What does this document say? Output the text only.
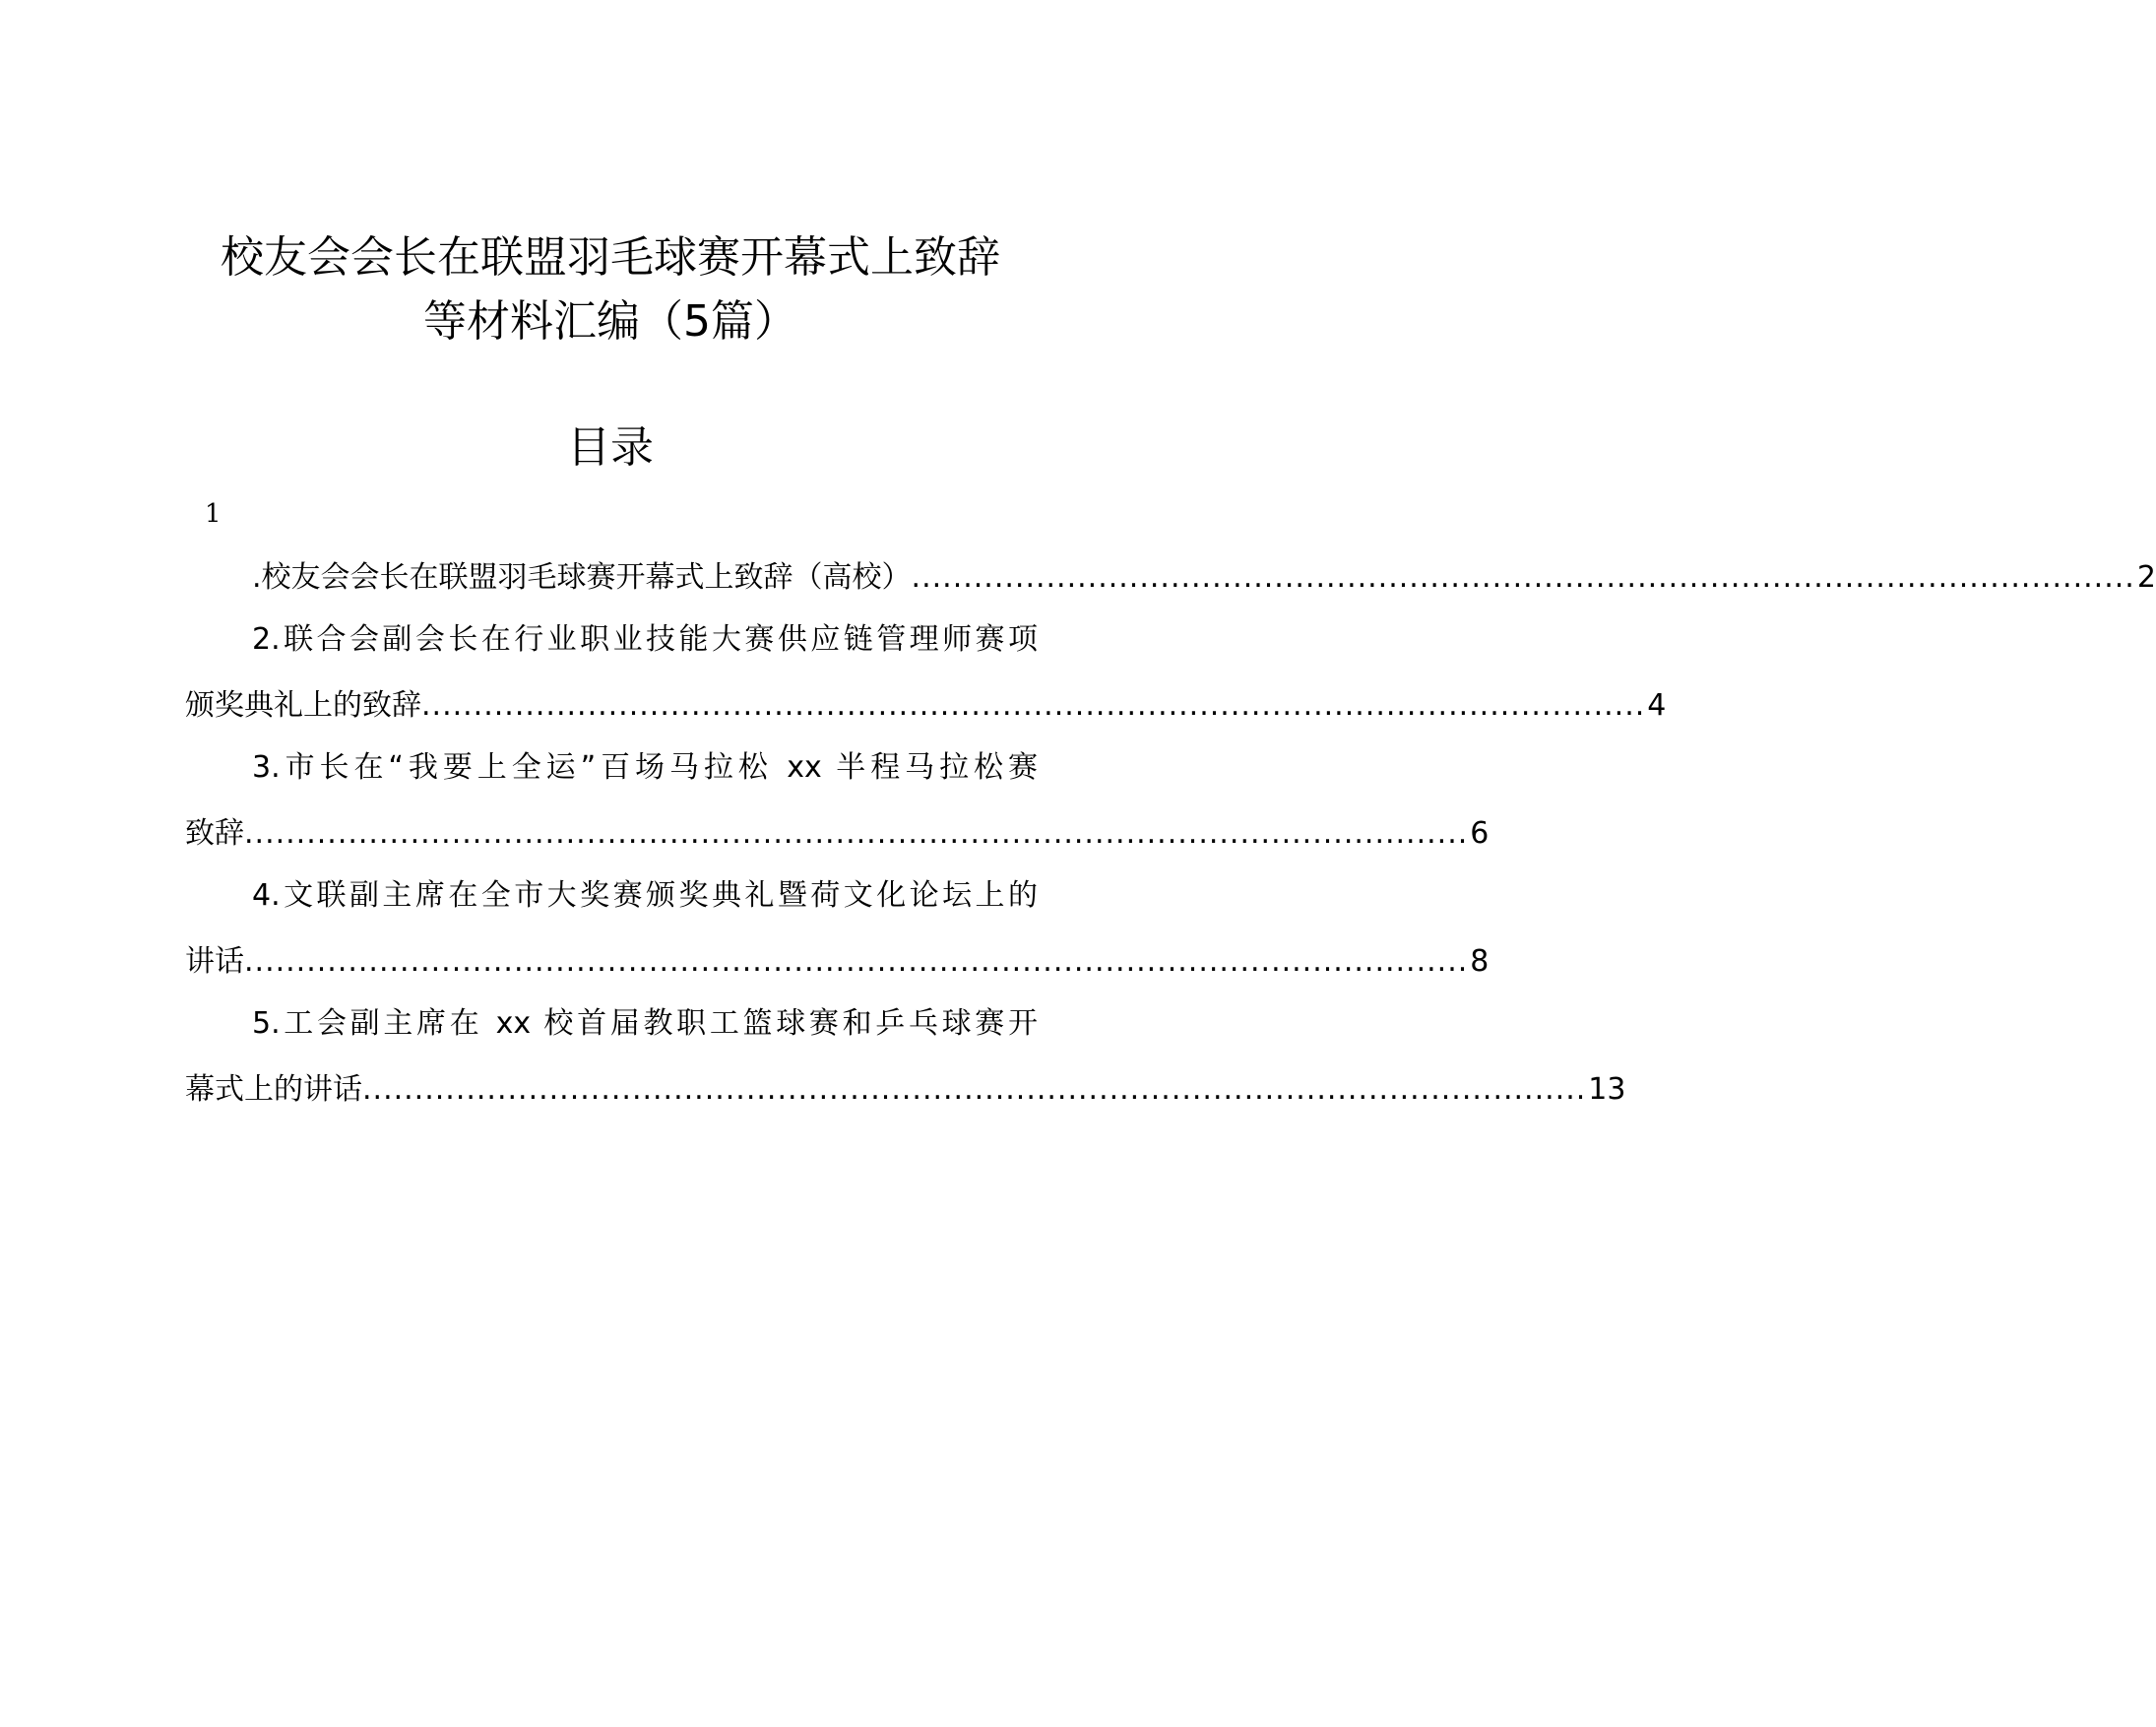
校友会会长在联盟羽毛球赛开幕式上致辞
等材料汇编（5篇）
目录
1
.校友会会长在联盟羽毛球赛开幕式上致辞（高校） ...................................................................................................................... 2
2.联合会副会长在行业职业技能大赛供应链管理师赛项
颁奖典礼上的致辞 ...................................................................................................................... 4
3.市长在“我要上全运”百场马拉松 xx 半程马拉松赛
致辞 ...................................................................................................................... 6
4.文联副主席在全市大奖赛颁奖典礼暨荷文化论坛上的
讲话 ...................................................................................................................... 8
5.工会副主席在 xx 校首届教职工篮球赛和乒乓球赛开
幕式上的讲话 ...................................................................................................................... 13
